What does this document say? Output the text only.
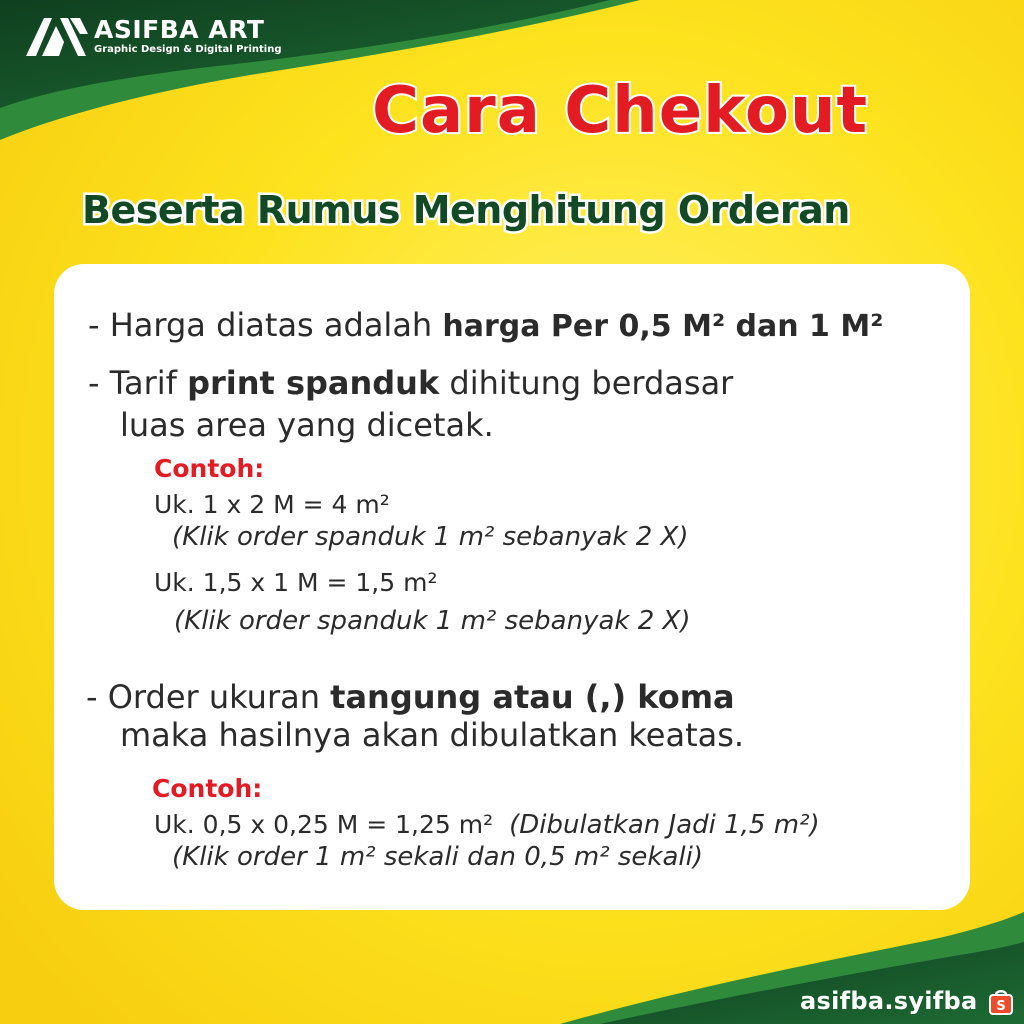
ASIFBA ART
Graphic Design & Digital Printing
Cara Chekout
Beserta Rumus Menghitung Orderan
- Harga diatas adalah harga Per 0,5 M² dan 1 M²
- Tarif print spanduk dihitung berdasar
luas area yang dicetak.
Contoh:
Uk. 1 x 2 M = 4 m²
(Klik order spanduk 1 m² sebanyak 2 X)
Uk. 1,5 x 1 M = 1,5 m²
(Klik order spanduk 1 m² sebanyak 2 X)
- Order ukuran tangung atau (,) koma
maka hasilnya akan dibulatkan keatas.
Contoh:
Uk. 0,5 x 0,25 M = 1,25 m² (Dibulatkan Jadi 1,5 m²)
(Klik order 1 m² sekali dan 0,5 m² sekali)
asifba.syifba S
